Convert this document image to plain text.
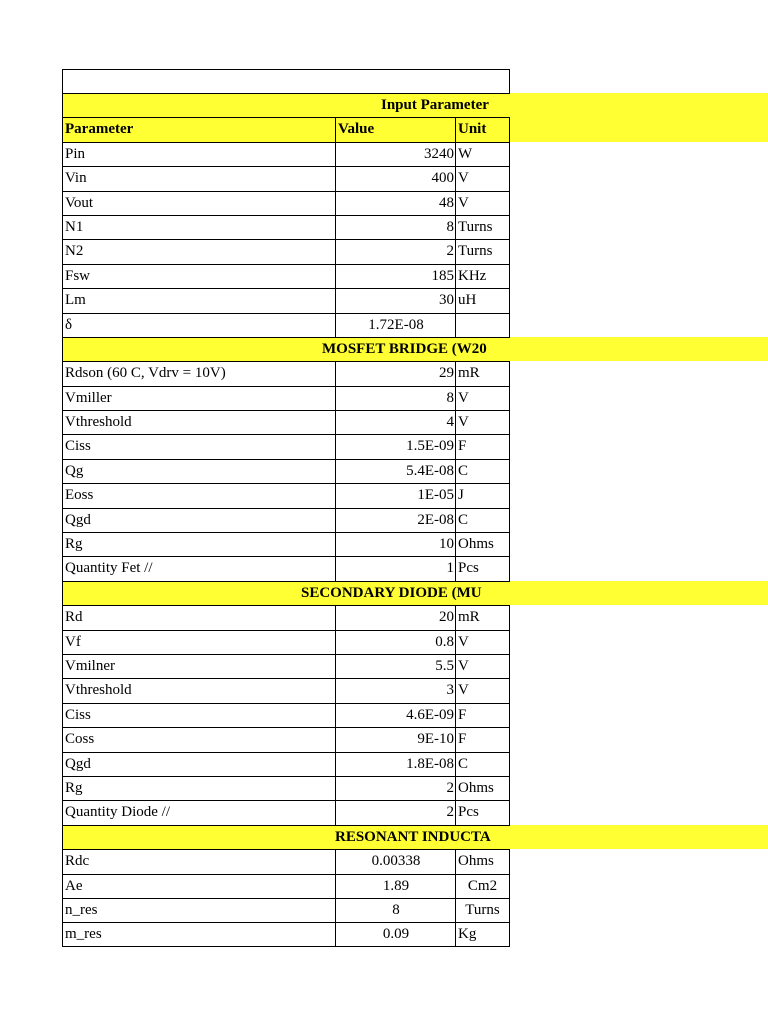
Input Parameter
Parameter	Value	Unit
Pin	3240 W
Vin	400 V
Vout	48 V
N1	8 Turns
N2	2 Turns
Fsw	185 KHz
Lm	30 uH
δ	1.72E-08
MOSFET BRIDGE (W20
Rdson (60 C, Vdrv = 10V)	29 mR
Vmiller	8 V
Vthreshold	4 V
Ciss	1.5E-09 F
Qg	5.4E-08 C
Eoss	1E-05 J
Qgd	2E-08 C
Rg	10 Ohms
Quantity Fet //	1 Pcs
SECONDARY DIODE (MU
Rd	20 mR
Vf	0.8 V
Vmilner	5.5 V
Vthreshold	3 V
Ciss	4.6E-09 F
Coss	9E-10 F
Qgd	1.8E-08 C
Rg	2 Ohms
Quantity Diode //	2 Pcs
RESONANT INDUCTA
Rdc	0.00338	Ohms
Ae	1.89	Cm2
n_res	8	Turns
m_res	0.09	Kg
